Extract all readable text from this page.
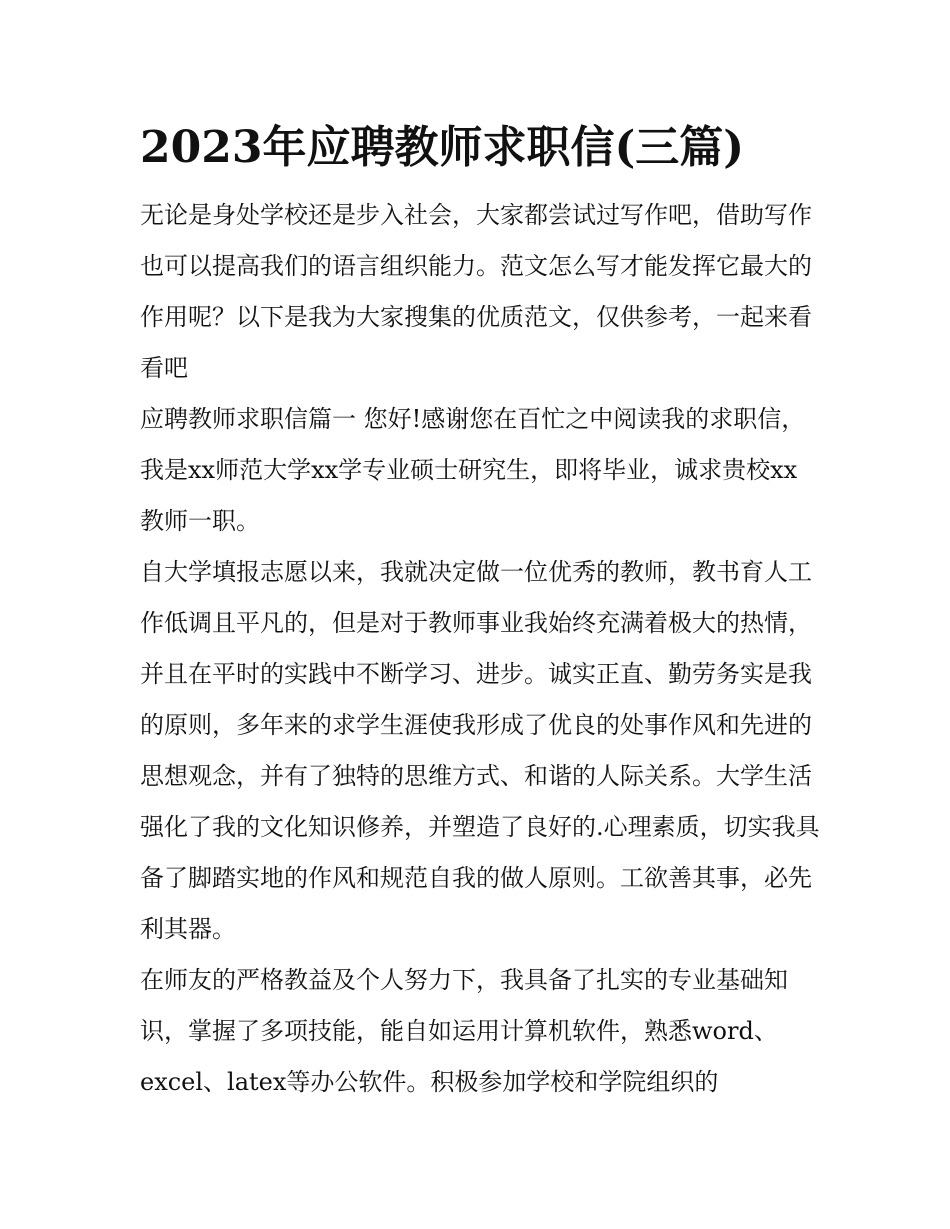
2023年应聘教师求职信(三篇)

无论是身处学校还是步入社会，大家都尝试过写作吧，借助写作也可以提高我们的语言组织能力。范文怎么写才能发挥它最大的作用呢？以下是我为大家搜集的优质范文，仅供参考，一起来看看吧

应聘教师求职信篇一 您好!感谢您在百忙之中阅读我的求职信，我是xx师范大学xx学专业硕士研究生，即将毕业，诚求贵校xx教师一职。

自大学填报志愿以来，我就决定做一位优秀的教师，教书育人工作低调且平凡的，但是对于教师事业我始终充满着极大的热情，并且在平时的实践中不断学习、进步。诚实正直、勤劳务实是我的原则，多年来的求学生涯使我形成了优良的处事作风和先进的思想观念，并有了独特的思维方式、和谐的人际关系。大学生活强化了我的文化知识修养，并塑造了良好的.心理素质，切实我具备了脚踏实地的作风和规范自我的做人原则。工欲善其事，必先利其器。

在师友的严格教益及个人努力下，我具备了扎实的专业基础知识，掌握了多项技能，能自如运用计算机软件，熟悉word、excel、latex等办公软件。积极参加学校和学院组织的
